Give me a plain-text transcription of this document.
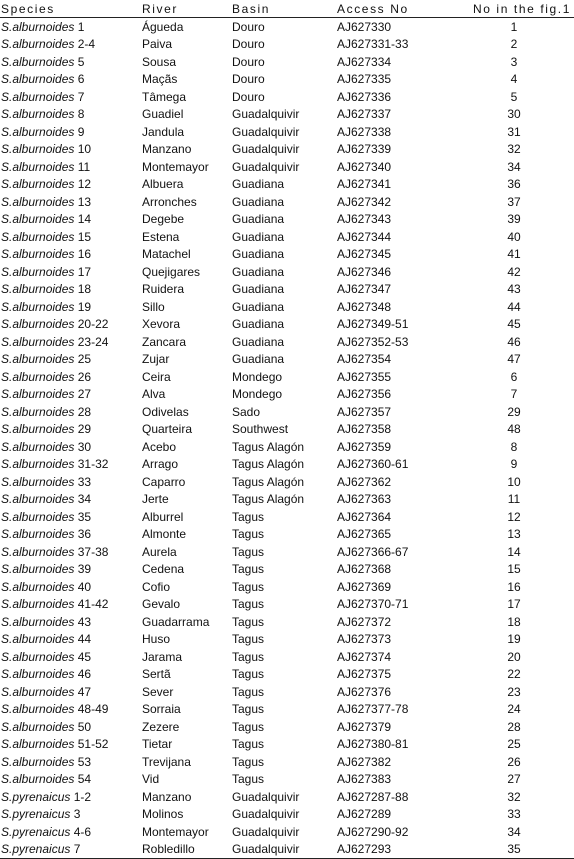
Species	River	Basin	Access No	No in the fig.1
S.alburnoides 1	Águeda	Douro	AJ627330	1
S.alburnoides 2-4	Paiva	Douro	AJ627331-33	2
S.alburnoides 5	Sousa	Douro	AJ627334	3
S.alburnoides 6	Maçãs	Douro	AJ627335	4
S.alburnoides 7	Tâmega	Douro	AJ627336	5
S.alburnoides 8	Guadiel	Guadalquivir	AJ627337	30
S.alburnoides 9	Jandula	Guadalquivir	AJ627338	31
S.alburnoides 10	Manzano	Guadalquivir	AJ627339	32
S.alburnoides 11	Montemayor	Guadalquivir	AJ627340	34
S.alburnoides 12	Albuera	Guadiana	AJ627341	36
S.alburnoides 13	Arronches	Guadiana	AJ627342	37
S.alburnoides 14	Degebe	Guadiana	AJ627343	39
S.alburnoides 15	Estena	Guadiana	AJ627344	40
S.alburnoides 16	Matachel	Guadiana	AJ627345	41
S.alburnoides 17	Quejigares	Guadiana	AJ627346	42
S.alburnoides 18	Ruidera	Guadiana	AJ627347	43
S.alburnoides 19	Sillo	Guadiana	AJ627348	44
S.alburnoides 20-22	Xevora	Guadiana	AJ627349-51	45
S.alburnoides 23-24	Zancara	Guadiana	AJ627352-53	46
S.alburnoides 25	Zujar	Guadiana	AJ627354	47
S.alburnoides 26	Ceira	Mondego	AJ627355	6
S.alburnoides 27	Alva	Mondego	AJ627356	7
S.alburnoides 28	Odivelas	Sado	AJ627357	29
S.alburnoides 29	Quarteira	Southwest	AJ627358	48
S.alburnoides 30	Acebo	Tagus Alagón	AJ627359	8
S.alburnoides 31-32	Arrago	Tagus Alagón	AJ627360-61	9
S.alburnoides 33	Caparro	Tagus Alagón	AJ627362	10
S.alburnoides 34	Jerte	Tagus Alagón	AJ627363	11
S.alburnoides 35	Alburrel	Tagus	AJ627364	12
S.alburnoides 36	Almonte	Tagus	AJ627365	13
S.alburnoides 37-38	Aurela	Tagus	AJ627366-67	14
S.alburnoides 39	Cedena	Tagus	AJ627368	15
S.alburnoides 40	Cofio	Tagus	AJ627369	16
S.alburnoides 41-42	Gevalo	Tagus	AJ627370-71	17
S.alburnoides 43	Guadarrama	Tagus	AJ627372	18
S.alburnoides 44	Huso	Tagus	AJ627373	19
S.alburnoides 45	Jarama	Tagus	AJ627374	20
S.alburnoides 46	Sertã	Tagus	AJ627375	22
S.alburnoides 47	Sever	Tagus	AJ627376	23
S.alburnoides 48-49	Sorraia	Tagus	AJ627377-78	24
S.alburnoides 50	Zezere	Tagus	AJ627379	28
S.alburnoides 51-52	Tietar	Tagus	AJ627380-81	25
S.alburnoides 53	Trevijana	Tagus	AJ627382	26
S.alburnoides 54	Vid	Tagus	AJ627383	27
S.pyrenaicus 1-2	Manzano	Guadalquivir	AJ627287-88	32
S.pyrenaicus 3	Molinos	Guadalquivir	AJ627289	33
S.pyrenaicus 4-6	Montemayor	Guadalquivir	AJ627290-92	34
S.pyrenaicus 7	Robledillo	Guadalquivir	AJ627293	35
